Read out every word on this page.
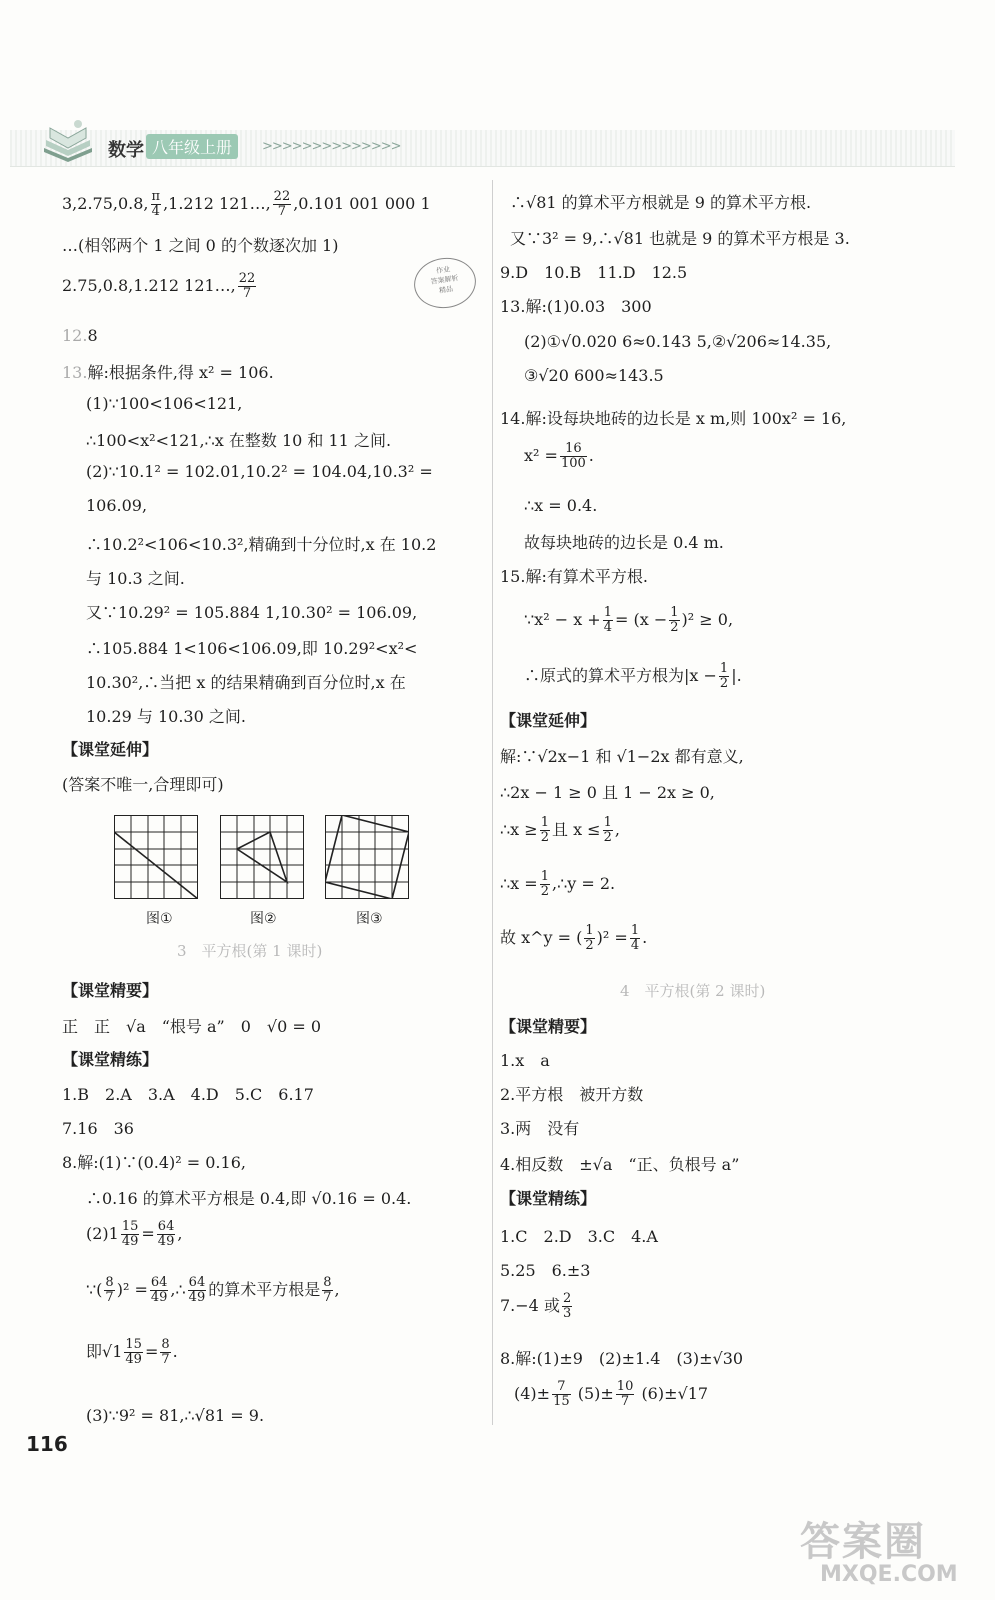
数学 八年级上册	>>>>>>>>>>>>>>
3,2.75,0.8, $\frac{\pi}{4} ,1.212$ 121…, $\frac{22}{7} ,0.101$ 001 000 1
…(相邻两个 1 之间 0 的个数逐次加 1)
2.75,0.8,1.212 121…, $\frac{22}{7}$
12.8
13.解:根据条件,得 x² = 106.
(1)∵100<106<121,
∴100<x²<121,∴x 在整数 10 和 11 之间.
(2)∵10.1² = 102.01,10.2² = 104.04,10.3² =
106.09,
∴10.2²<106<10.3²,精确到十分位时,x 在 10.2
与 10.3 之间.
又∵10.29² = 105.884 1,10.30² = 106.09,
∴105.884 1<106<106.09,即 10.29²<x²<
10.30²,∴当把 x 的结果精确到百分位时,x 在
10.29 与 10.30 之间.
【课堂延伸】
(答案不唯一,合理即可)
3　平方根(第 1 课时)
【课堂精要】
正　正　√a　“根号 a”　0　√0 = 0
【课堂精练】
1.B　2.A　3.A　4.D　5.C　6.17
7.16　36
8.解:(1)∵(0.4)² = 0.16,
∴0.16 的算术平方根是 0.4,即 √0.16 = 0.4.
$(2)1 \frac{15}{49} = \frac{64}{49}$ ,
∵( $\frac{8}{7} )^2 = \frac{64}{49}$ ,∴ $\frac{64}{49}$ 的算术平方根是 $\frac{8}{7}$ ,
即$√1 \frac{15}{49} = \frac{8}{7}$ .
(3)∵9² = 81,∴√81 = 9.
作业
答案解析
精品
图①	图②	图③
∴√81 的算术平方根就是 9 的算术平方根.
又∵3² = 9,∴√81 也就是 9 的算术平方根是 3.
9.D　10.B　11.D　12.5
13.解:(1)0.03　300
(2)①√0.020 6≈0.143 5,②√206≈14.35,
③√20 600≈143.5
14.解:设每块地砖的边长是 x m,则 100x² = 16,
$x^2 = \frac{16}{100}$ .
∴x = 0.4.
故每块地砖的边长是 0.4 m.
15.解:有算术平方根.
∵x² − $x + \frac{1}{4} = (x - \frac{1}{2} )^2 \ge 0$,
∴原式的算术平方根为$|x - \frac{1}{2}$ |.
【课堂延伸】
解:∵√2x−1 和 √1−2x 都有意义,
∴2x − 1 ≥ 0 且 1 − 2x ≥ 0,
∴x ≥ $\frac{1}{2}$ 且 $x \le \frac{1}{2}$ ,
∴x = $\frac{1}{2}$ ,∴y = 2.
故 x^y = ( $\frac{1}{2} )^2 = \frac{1}{4}$ .
4　平方根(第 2 课时)
【课堂精要】
1.x　a
2.平方根　被开方数
3.两　没有
4.相反数　±√a　“正、负根号 a”
【课堂精练】
1.C　2.D　3.C　4.A
5.25　6.±3
7.−4 或 $\frac{2}{3}$
8.解:(1)±9　(2)±1.4　(3)±√30
$(4)\pm \frac{7}{15} (5)\pm \frac{10}{7} (6)\pm√17$
116
答案圈
MXQE.COM
